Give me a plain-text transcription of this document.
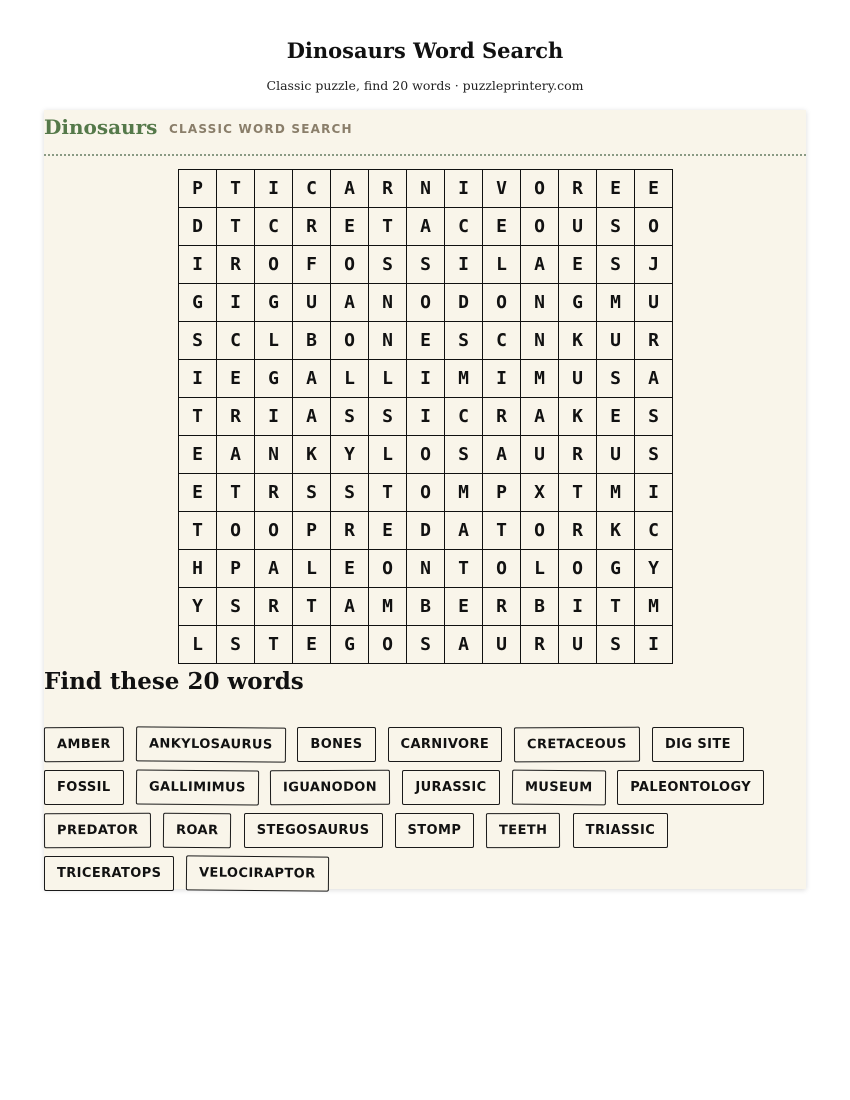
Dinosaurs Word Search

Classic puzzle, find 20 words · puzzleprintery.com

Dinosaurs CLASSIC WORD SEARCH
P	T	I	C	A	R	N	I	V	O	R	E	E
D	T	C	R	E	T	A	C	E	O	U	S	O
I	R	O	F	O	S	S	I	L	A	E	S	J
G	I	G	U	A	N	O	D	O	N	G	M	U
S	C	L	B	O	N	E	S	C	N	K	U	R
I	E	G	A	L	L	I	M	I	M	U	S	A
T	R	I	A	S	S	I	C	R	A	K	E	S
E	A	N	K	Y	L	O	S	A	U	R	U	S
E	T	R	S	S	T	O	M	P	X	T	M	I
T	O	O	P	R	E	D	A	T	O	R	K	C
H	P	A	L	E	O	N	T	O	L	O	G	Y
Y	S	R	T	A	M	B	E	R	B	I	T	M
L	S	T	E	G	O	S	A	U	R	U	S	I
Find these 20 words
AMBER	ANKYLOSAURUS	BONES	CARNIVORE	CRETACEOUS	DIG SITE
FOSSIL	GALLIMIMUS	IGUANODON	JURASSIC	MUSEUM	PALEONTOLOGY
PREDATOR	ROAR	STEGOSAURUS	STOMP	TEETH	TRIASSIC
TRICERATOPS	VELOCIRAPTOR
